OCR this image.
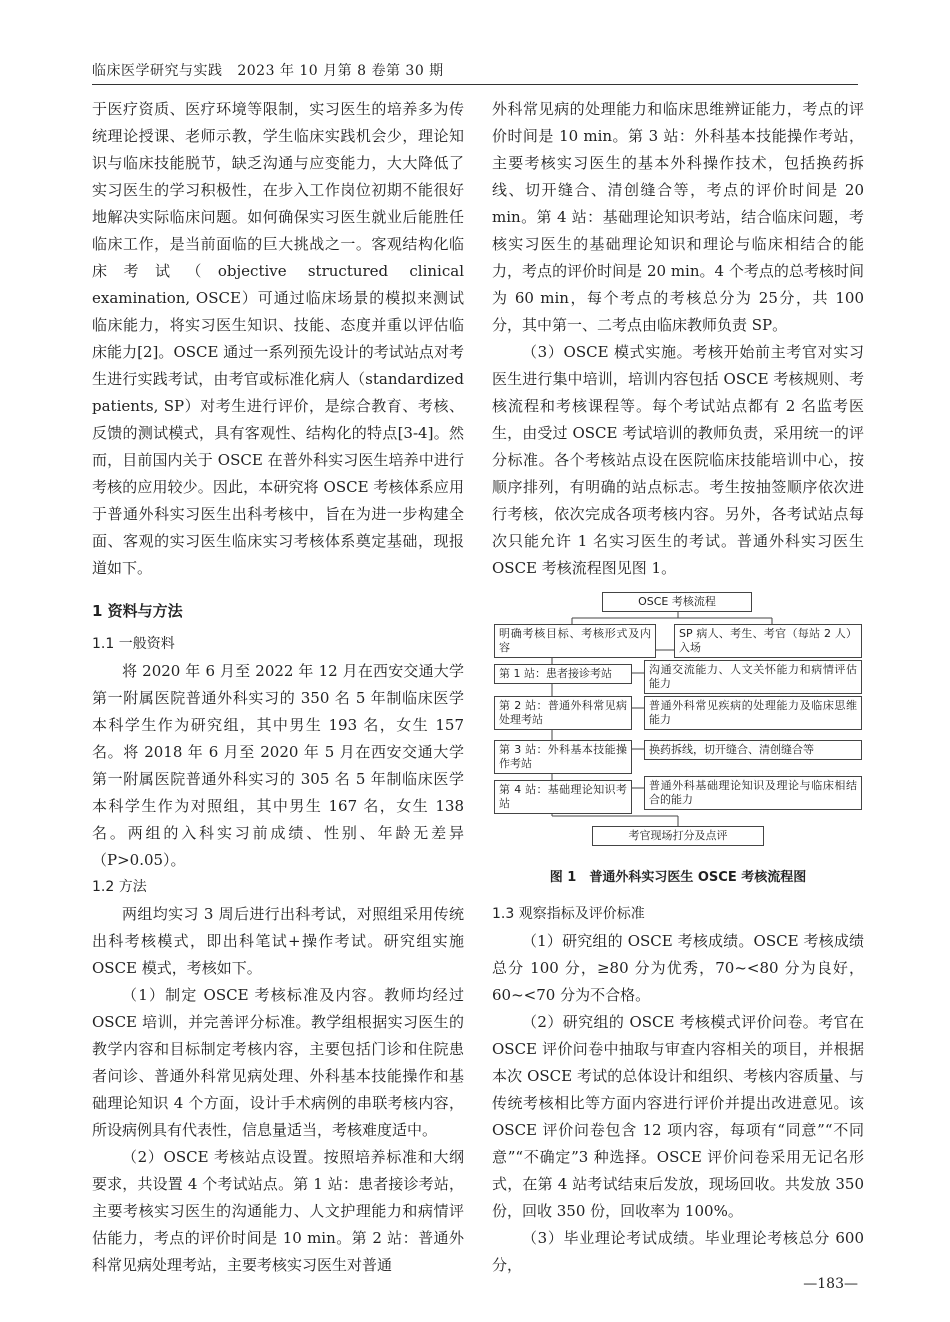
临床医学研究与实践 2023 年 10 月第 8 卷第 30 期

于医疗资质、医疗环境等限制，实习医生的培养多为传统理论授课、老师示教，学生临床实践机会少，理论知识与临床技能脱节，缺乏沟通与应变能力，大大降低了实习医生的学习积极性，在步入工作岗位初期不能很好地解决实际临床问题。如何确保实习医生就业后能胜任临床工作，是当前面临的巨大挑战之一。客观结构化临床考试（objective structured clinical examination, OSCE）可通过临床场景的模拟来测试临床能力，将实习医生知识、技能、态度并重以评估临床能力[2]。OSCE 通过一系列预先设计的考试站点对考生进行实践考试，由考官或标准化病人（standardized patients, SP）对考生进行评价，是综合教育、考核、反馈的测试模式，具有客观性、结构化的特点[3-4]。然而，目前国内关于 OSCE 在普外科实习医生培养中进行考核的应用较少。因此，本研究将 OSCE 考核体系应用于普通外科实习医生出科考核中，旨在为进一步构建全面、客观的实习医生临床实习考核体系奠定基础，现报道如下。

1 资料与方法

1.1 一般资料

将 2020 年 6 月至 2022 年 12 月在西安交通大学第一附属医院普通外科实习的 350 名 5 年制临床医学本科学生作为研究组，其中男生 193 名，女生 157 名。将 2018 年 6 月至 2020 年 5 月在西安交通大学第一附属医院普通外科实习的 305 名 5 年制临床医学本科学生作为对照组，其中男生 167 名，女生 138 名。两组的入科实习前成绩、性别、年龄无差异（P>0.05）。

1.2 方法

两组均实习 3 周后进行出科考试，对照组采用传统出科考核模式，即出科笔试+操作考试。研究组实施 OSCE 模式，考核如下。

（1）制定 OSCE 考核标准及内容。教师均经过 OSCE 培训，并完善评分标准。教学组根据实习医生的教学内容和目标制定考核内容，主要包括门诊和住院患者问诊、普通外科常见病处理、外科基本技能操作和基础理论知识 4 个方面，设计手术病例的串联考核内容，所设病例具有代表性，信息量适当，考核难度适中。

（2）OSCE 考核站点设置。按照培养标准和大纲要求，共设置 4 个考试站点。第 1 站：患者接诊考站，主要考核实习医生的沟通能力、人文护理能力和病情评估能力，考点的评价时间是 10 min。第 2 站：普通外科常见病处理考站，主要考核实习医生对普通

外科常见病的处理能力和临床思维辨证能力，考点的评价时间是 10 min。第 3 站：外科基本技能操作考站，主要考核实习医生的基本外科操作技术，包括换药拆线、切开缝合、清创缝合等，考点的评价时间是 20 min。第 4 站：基础理论知识考站，结合临床问题，考核实习医生的基础理论知识和理论与临床相结合的能力，考点的评价时间是 20 min。4 个考点的总考核时间为 60 min，每个考点的考核总分为 25分，共 100 分，其中第一、二考点由临床教师负责 SP。

（3）OSCE 模式实施。考核开始前主考官对实习医生进行集中培训，培训内容包括 OSCE 考核规则、考核流程和考核课程等。每个考试站点都有 2 名监考医生，由受过 OSCE 考试培训的教师负责，采用统一的评分标准。各个考核站点设在医院临床技能培训中心，按顺序排列，有明确的站点标志。考生按抽签顺序依次进行考核，依次完成各项考核内容。另外，各考试站点每次只能允许 1 名实习医生的考试。普通外科实习医生 OSCE 考核流程图见图 1。

OSCE 考核流程
明确考核目标、考核形式及内容
SP 病人、考生、考官（每站 2 人）入场
第 1 站：患者接诊考站	沟通交流能力、人文关怀能力和病情评估能力
第 2 站：普通外科常见病处理考站
普通外科常见疾病的处理能力及临床思维能力
第 3 站：外科基本技能操作考站
换药拆线，切开缝合、清创缝合等
第 4 站：基础理论知识考站
普通外科基础理论知识及理论与临床相结合的能力
考官现场打分及点评

图 1　普通外科实习医生 OSCE 考核流程图

1.3 观察指标及评价标准

（1）研究组的 OSCE 考核成绩。OSCE 考核成绩总分 100 分，≥80 分为优秀，70~<80 分为良好，60~<70 分为不合格。

（2）研究组的 OSCE 考核模式评价问卷。考官在 OSCE 评价问卷中抽取与审查内容相关的项目，并根据本次 OSCE 考试的总体设计和组织、考核内容质量、与传统考核相比等方面内容进行评价并提出改进意见。该 OSCE 评价问卷包含 12 项内容，每项有“同意”“不同意”“不确定”3 种选择。OSCE 评价问卷采用无记名形式，在第 4 站考试结束后发放，现场回收。共发放 350 份，回收 350 份，回收率为 100%。

（3）毕业理论考试成绩。毕业理论考核总分 600 分，

—183—
